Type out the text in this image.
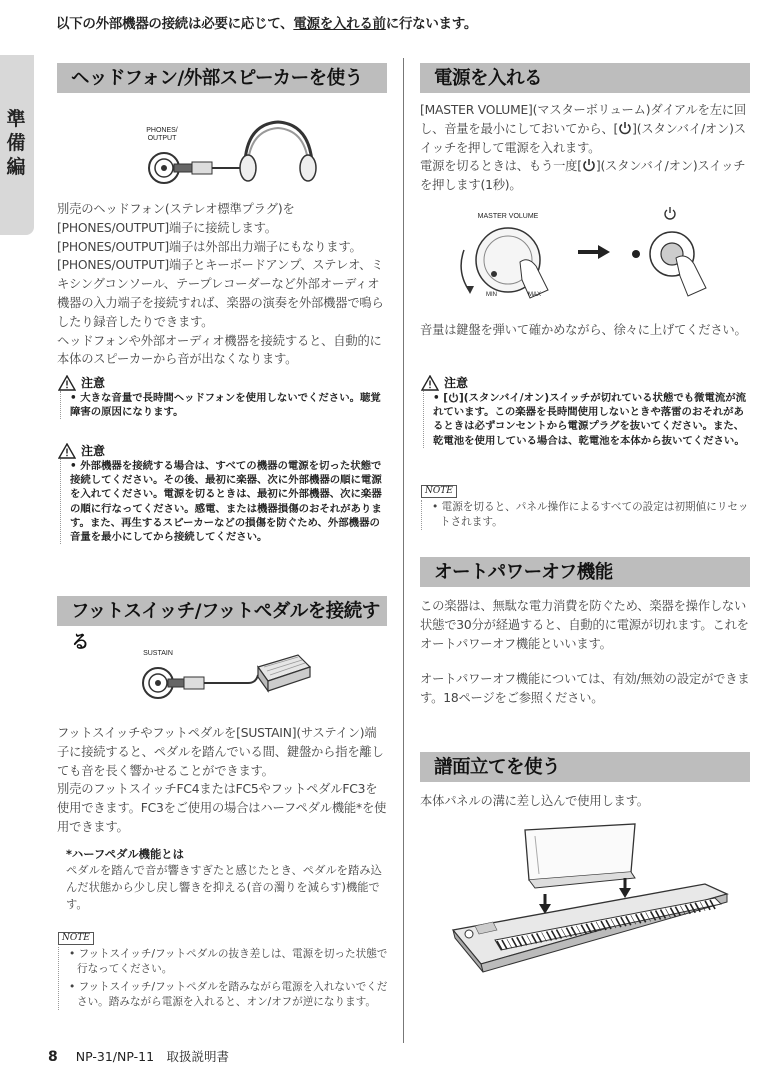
以下の外部機器の接続は必要に応じて、電源を入れる前に行ないます。
準
備
編
ヘッドフォン/外部スピーカーを使う
PHONES/ OUTPUT
別売のヘッドフォン(ステレオ標準プラグ)を[PHONES/OUTPUT]端子に接続します。
[PHONES/OUTPUT]端子は外部出力端子にもなります。[PHONES/OUTPUT]端子とキーボードアンプ、ステレオ、ミキシングコンソール、テープレコーダーなど外部オーディオ機器の入力端子を接続すれば、楽器の演奏を外部機器で鳴らしたり録音したりできます。
ヘッドフォンや外部オーディオ機器を接続すると、自動的に本体のスピーカーから音が出なくなります。
注意
• 大きな音量で長時間ヘッドフォンを使用しないでください。聴覚障害の原因になります。
注意
• 外部機器を接続する場合は、すべての機器の電源を切った状態で接続してください。その後、最初に楽器、次に外部機器の順に電源を入れてください。電源を切るときは、最初に外部機器、次に楽器の順に行なってください。感電、または機器損傷のおそれがあります。また、再生するスピーカーなどの損傷を防ぐため、外部機器の音量を最小にしてから接続してください。
フットスイッチ/フットペダルを接続する
SUSTAIN
フットスイッチやフットペダルを[SUSTAIN](サステイン)端子に接続すると、ペダルを踏んでいる間、鍵盤から指を離しても音を長く響かせることができます。
別売のフットスイッチFC4またはFC5やフットペダルFC3を使用できます。FC3をご使用の場合はハーフペダル機能*を使用できます。
*ハーフペダル機能とは
ペダルを踏んで音が響きすぎたと感じたとき、ペダルを踏み込んだ状態から少し戻し響きを抑える(音の濁りを減らす)機能です。
NOTE
• フットスイッチ/フットペダルの抜き差しは、電源を切った状態で行なってください。
• フットスイッチ/フットペダルを踏みながら電源を入れないでください。踏みながら電源を入れると、オン/オフが逆になります。
電源を入れる
[MASTER VOLUME](マスターボリューム)ダイアルを左に回し、音量を最小にしておいてから、[ ](スタンバイ/オン)スイッチを押して電源を入れます。
電源を切るときは、もう一度[ ](スタンバイ/オン)スイッチを押します(1秒)。
MASTER VOLUME
MIN	MAX
音量は鍵盤を弾いて確かめながら、徐々に上げてください。
注意
• [ ](スタンバイ/オン)スイッチが切れている状態でも微電流が流れています。この楽器を長時間使用しないときや落雷のおそれがあるときは必ずコンセントから電源プラグを抜いてください。また、乾電池を使用している場合は、乾電池を本体から抜いてください。
NOTE
• 電源を切ると、パネル操作によるすべての設定は初期値にリセットされます。
オートパワーオフ機能
この楽器は、無駄な電力消費を防ぐため、楽器を操作しない状態で30分が経過すると、自動的に電源が切れます。これをオートパワーオフ機能といいます。
オートパワーオフ機能については、有効/無効の設定ができます。18ページをご参照ください。
譜面立てを使う
本体パネルの溝に差し込んで使用します。
8 NP-31/NP-11　取扱説明書
